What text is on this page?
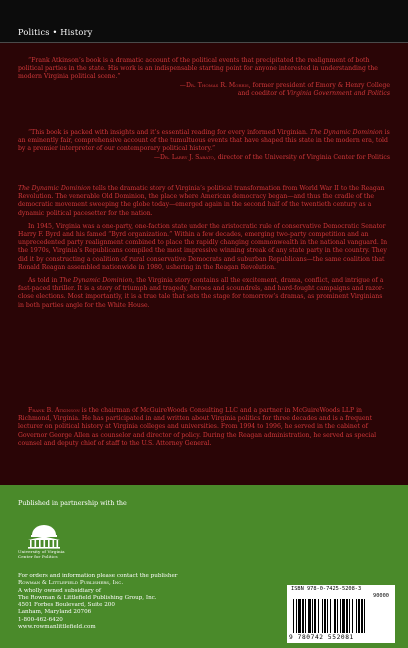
Politics • History

“Frank Atkinson’s book is a dramatic account of the political events that precipitated the realignment of both political parties in the state. His work is an indispensable starting point for anyone interested in understanding the modern Virginia political scene.”

—Dr. Thomas R. Morris, former president of Emory & Henry College

and coeditor of Virginia Government and Politics

“This book is packed with insights and it’s essential reading for every informed Virginian. The Dynamic Dominion is an eminently fair, comprehensive account of the tumultuous events that have shaped this state in the modern era, told by a premier interpreter of our contemporary political history.”

—Dr. Larry J. Sabato, director of the University of Virginia Center for Politics

The Dynamic Dominion tells the dramatic story of Virginia’s political transformation from World War II to the Reagan Revolution. The venerable Old Dominion, the place where American democracy began—and thus the cradle of the democratic movement sweeping the globe today—emerged again in the second half of the twentieth century as a dynamic political pacesetter for the nation.

In 1945, Virginia was a one-party, one-faction state under the aristocratic rule of conservative Democratic Senator Harry F. Byrd and his famed “Byrd organization.” Within a few decades, emerging two-party competition and an unprecedented party realignment combined to place the rapidly changing commonwealth in the national vanguard. In the 1970s, Virginia’s Republicans compiled the most impressive winning streak of any state party in the country. They did it by constructing a coalition of rural conservative Democrats and suburban Republicans—the same coalition that Ronald Reagan assembled nationwide in 1980, ushering in the Reagan Revolution.

As told in The Dynamic Dominion, the Virginia story contains all the excitement, drama, conflict, and intrigue of a fast-paced thriller. It is a story of triumph and tragedy, heroes and scoundrels, and hard-fought campaigns and razor-close elections. Most importantly, it is a true tale that sets the stage for tomorrow’s dramas, as prominent Virginians in both parties angle for the White House.

Frank B. Atkinson is the chairman of McGuireWoods Consulting LLC and a partner in McGuireWoods LLP in Richmond, Virginia. He has participated in and written about Virginia politics for three decades and is a frequent lecturer on political history at Virginia colleges and universities. From 1994 to 1996, he served in the cabinet of Governor George Allen as counselor and director of policy. During the Reagan administration, he served as special counsel and deputy chief of staff to the U.S. Attorney General.

Published in partnership with the
University of Virginia
Center for Politics
For orders and information please contact the publisher
Rowman & Littlefield Publishers, Inc.
A wholly owned subsidiary of
The Rowman & Littlefield Publishing Group, Inc.
4501 Forbes Boulevard, Suite 200
Lanham, Maryland 20706
1-800-462-6420
www.rowmanlittlefield.com
ISBN 978-0-7425-5208-3
90000
9 780742 552081
